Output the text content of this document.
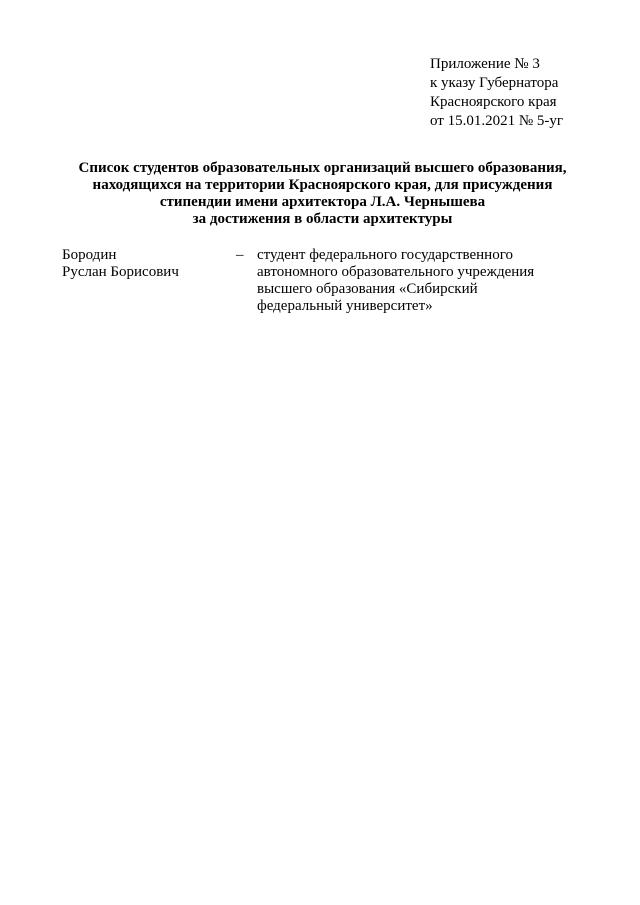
Приложение № 3
к указу Губернатора
Красноярского края
от 15.01.2021 № 5-уг
Список студентов образовательных организаций высшего образования,
находящихся на территории Красноярского края, для присуждения
стипендии имени архитектора Л.А. Чернышева
за достижения в области архитектуры
Бородин
Руслан Борисович
– студент федерального государственного
автономного образовательного учреждения
высшего образования «Сибирский
федеральный университет»
